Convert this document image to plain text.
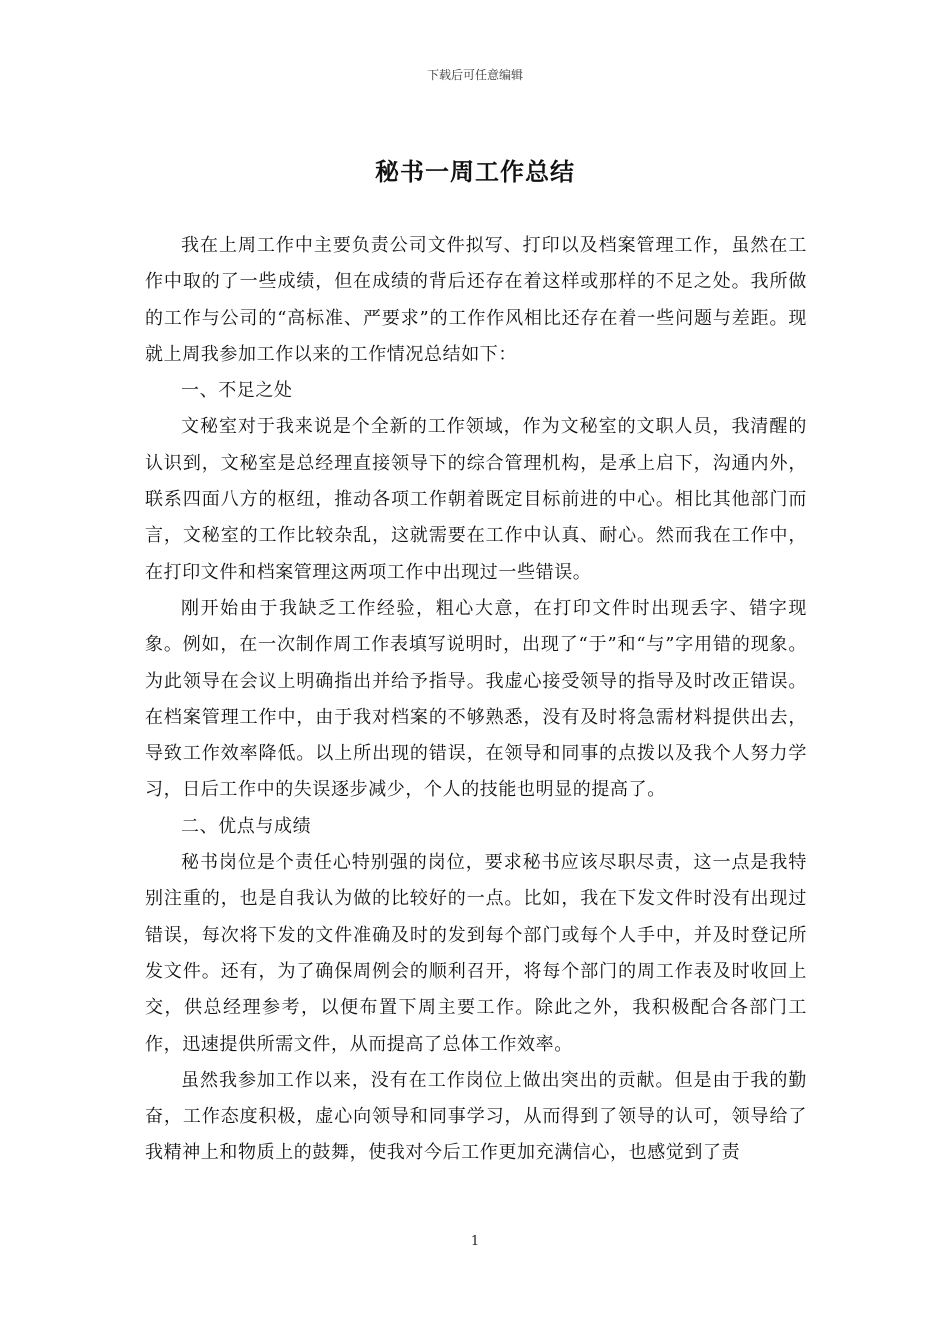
下载后可任意编辑
秘书一周工作总结

我在上周工作中主要负责公司文件拟写、打印以及档案管理工作，虽然在工作中取的了一些成绩，但在成绩的背后还存在着这样或那样的不足之处。我所做的工作与公司的“高标准、严要求”的工作作风相比还存在着一些问题与差距。现就上周我参加工作以来的工作情况总结如下：

一、不足之处

文秘室对于我来说是个全新的工作领域，作为文秘室的文职人员，我清醒的认识到，文秘室是总经理直接领导下的综合管理机构，是承上启下，沟通内外，联系四面八方的枢纽，推动各项工作朝着既定目标前进的中心。相比其他部门而言，文秘室的工作比较杂乱，这就需要在工作中认真、耐心。然而我在工作中，在打印文件和档案管理这两项工作中出现过一些错误。

刚开始由于我缺乏工作经验，粗心大意，在打印文件时出现丢字、错字现象。例如，在一次制作周工作表填写说明时，出现了“于”和“与”字用错的现象。为此领导在会议上明确指出并给予指导。我虚心接受领导的指导及时改正错误。在档案管理工作中，由于我对档案的不够熟悉，没有及时将急需材料提供出去，导致工作效率降低。以上所出现的错误，在领导和同事的点拨以及我个人努力学习，日后工作中的失误逐步减少，个人的技能也明显的提高了。

二、优点与成绩

秘书岗位是个责任心特别强的岗位，要求秘书应该尽职尽责，这一点是我特别注重的，也是自我认为做的比较好的一点。比如，我在下发文件时没有出现过错误，每次将下发的文件准确及时的发到每个部门或每个人手中，并及时登记所发文件。还有，为了确保周例会的顺利召开，将每个部门的周工作表及时收回上交，供总经理参考，以便布置下周主要工作。除此之外，我积极配合各部门工作，迅速提供所需文件，从而提高了总体工作效率。

虽然我参加工作以来，没有在工作岗位上做出突出的贡献。但是由于我的勤奋，工作态度积极，虚心向领导和同事学习，从而得到了领导的认可，领导给了我精神上和物质上的鼓舞，使我对今后工作更加充满信心，也感觉到了责

1
